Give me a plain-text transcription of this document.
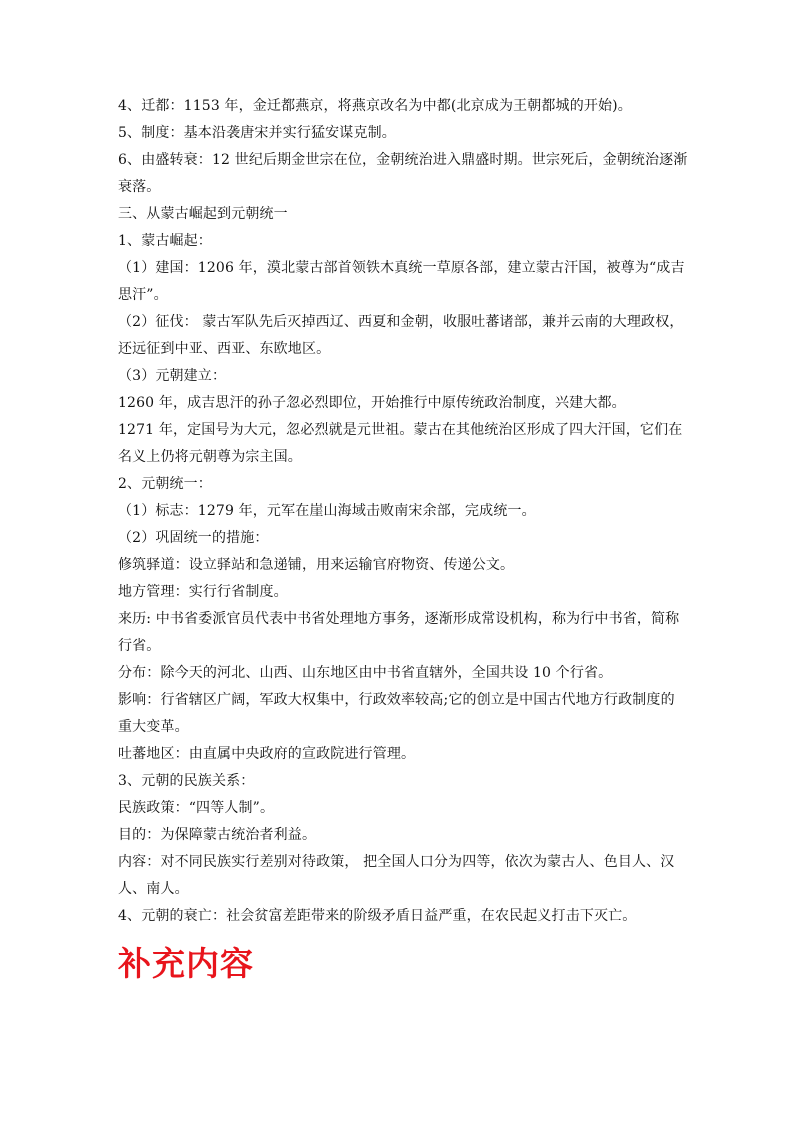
4、迁都：1153 年，金迁都燕京，将燕京改名为中都(北京成为王朝都城的开始)。
5、制度：基本沿袭唐宋并实行猛安谋克制。
6、由盛转衰：12 世纪后期金世宗在位，金朝统治进入鼎盛时期。世宗死后，金朝统治逐渐
衰落。
三、从蒙古崛起到元朝统一
1、蒙古崛起：
（1）建国：1206 年，漠北蒙古部首领铁木真统一草原各部，建立蒙古汗国，被尊为“成吉
思汗”。
（2）征伐： 蒙古军队先后灭掉西辽、西夏和金朝，收服吐蕃诸部，兼并云南的大理政权，
还远征到中亚、西亚、东欧地区。
（3）元朝建立：
1260 年，成吉思汗的孙子忽必烈即位，开始推行中原传统政治制度，兴建大都。
1271 年，定国号为大元，忽必烈就是元世祖。蒙古在其他统治区形成了四大汗国，它们在
名义上仍将元朝尊为宗主国。
2、元朝统一：
（1）标志：1279 年，元军在崖山海域击败南宋余部，完成统一。
（2）巩固统一的措施：
修筑驿道：设立驿站和急递铺，用来运输官府物资、传递公文。
地方管理：实行行省制度。
来历: 中书省委派官员代表中书省处理地方事务，逐渐形成常设机构，称为行中书省，简称
行省。
分布：除今天的河北、山西、山东地区由中书省直辖外，全国共设 10 个行省。
影响：行省辖区广阔，军政大权集中，行政效率较高;它的创立是中国古代地方行政制度的
重大变革。
吐蕃地区：由直属中央政府的宣政院进行管理。
3、元朝的民族关系：
民族政策：“四等人制”。
目的：为保障蒙古统治者利益。
内容：对不同民族实行差别对待政策， 把全国人口分为四等，依次为蒙古人、色目人、汉
人、南人。
4、元朝的衰亡：社会贫富差距带来的阶级矛盾日益严重，在农民起义打击下灭亡。
补充内容
